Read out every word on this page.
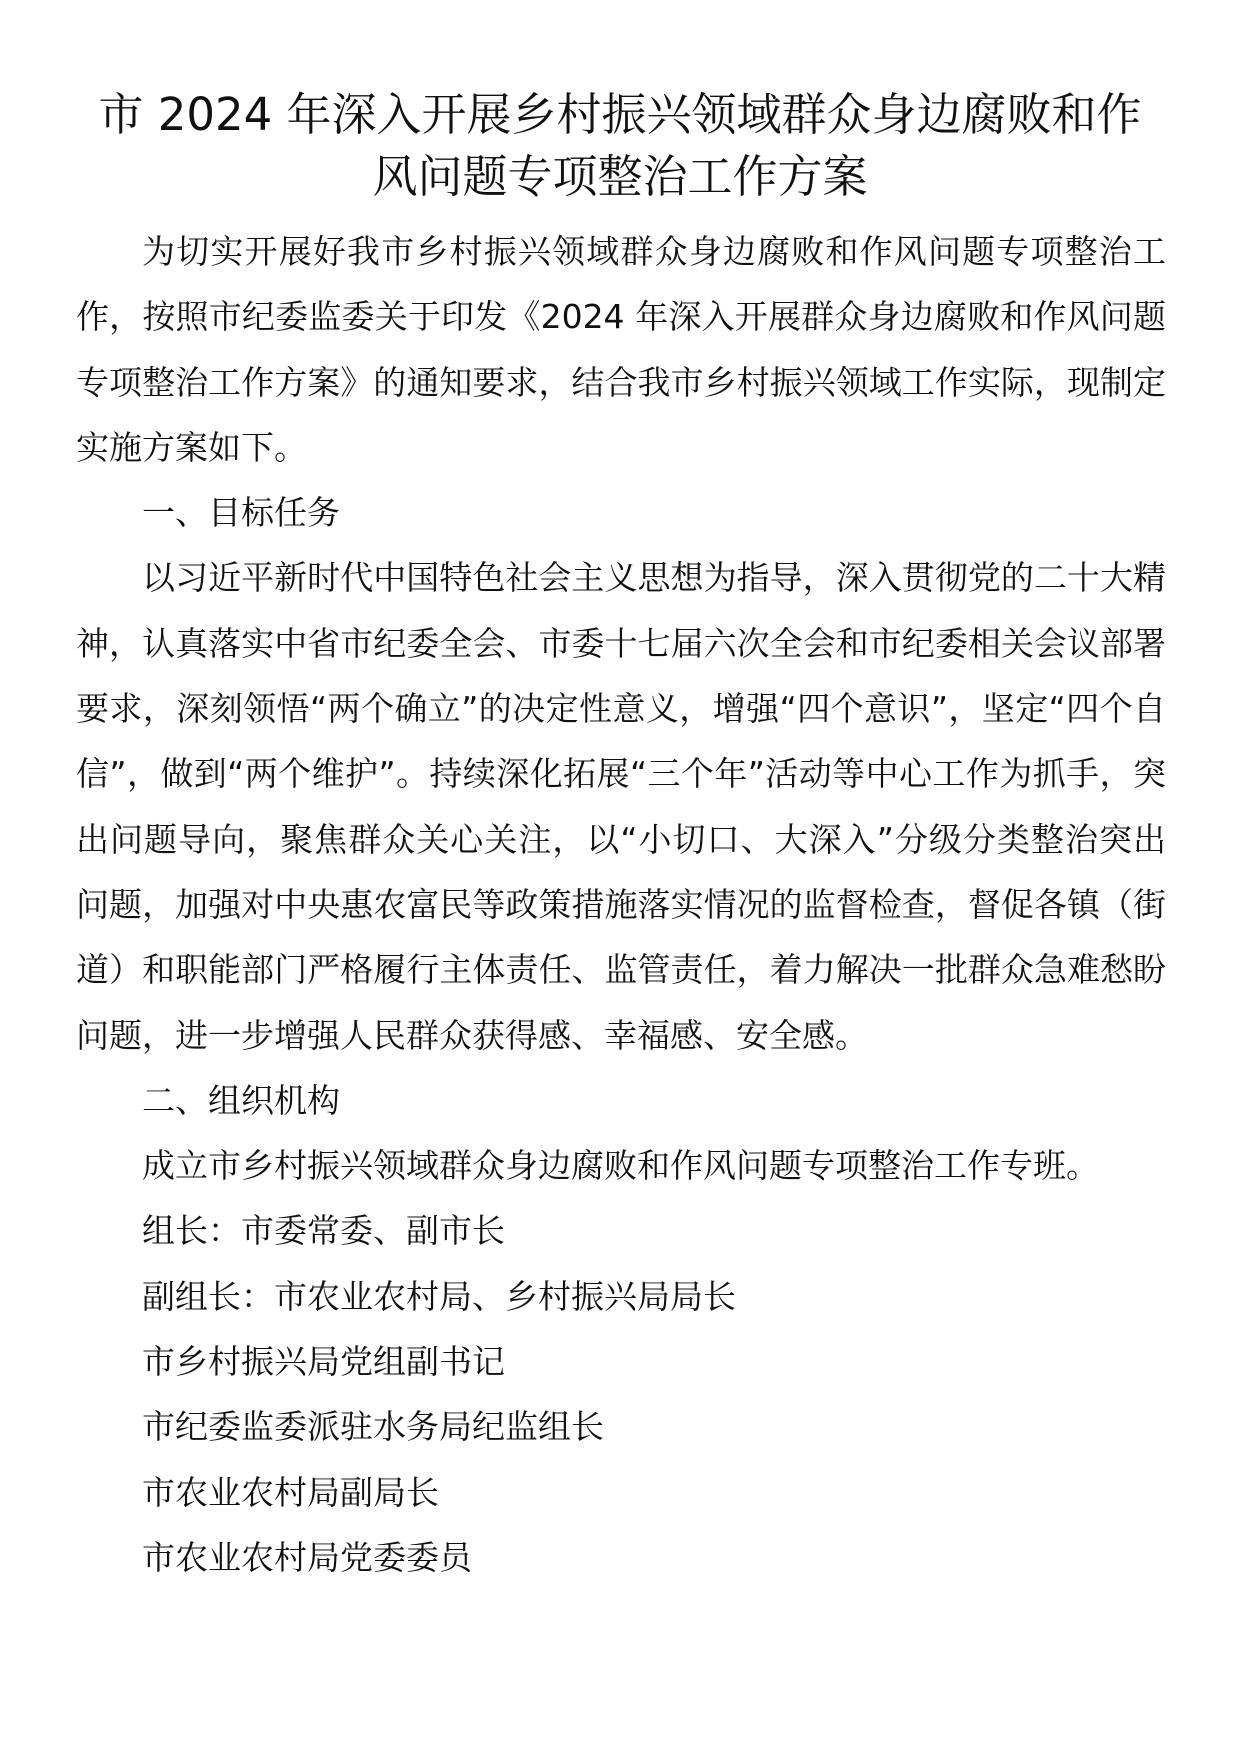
市 2024 年深入开展乡村振兴领域群众身边腐败和作风问题专项整治工作方案

为切实开展好我市乡村振兴领域群众身边腐败和作风问题专项整治工作，按照市纪委监委关于印发《2024 年深入开展群众身边腐败和作风问题专项整治工作方案》的通知要求，结合我市乡村振兴领域工作实际，现制定实施方案如下。

一、目标任务

以习近平新时代中国特色社会主义思想为指导，深入贯彻党的二十大精神，认真落实中省市纪委全会、市委十七届六次全会和市纪委相关会议部署要求，深刻领悟“两个确立”的决定性意义，增强“四个意识”，坚定“四个自信”，做到“两个维护”。持续深化拓展“三个年”活动等中心工作为抓手，突出问题导向，聚焦群众关心关注，以“小切口、大深入”分级分类整治突出问题，加强对中央惠农富民等政策措施落实情况的监督检查，督促各镇（街道）和职能部门严格履行主体责任、监管责任，着力解决一批群众急难愁盼问题，进一步增强人民群众获得感、幸福感、安全感。

二、组织机构

成立市乡村振兴领域群众身边腐败和作风问题专项整治工作专班。

组长：市委常委、副市长

副组长：市农业农村局、乡村振兴局局长

市乡村振兴局党组副书记

市纪委监委派驻水务局纪监组长

市农业农村局副局长

市农业农村局党委委员
